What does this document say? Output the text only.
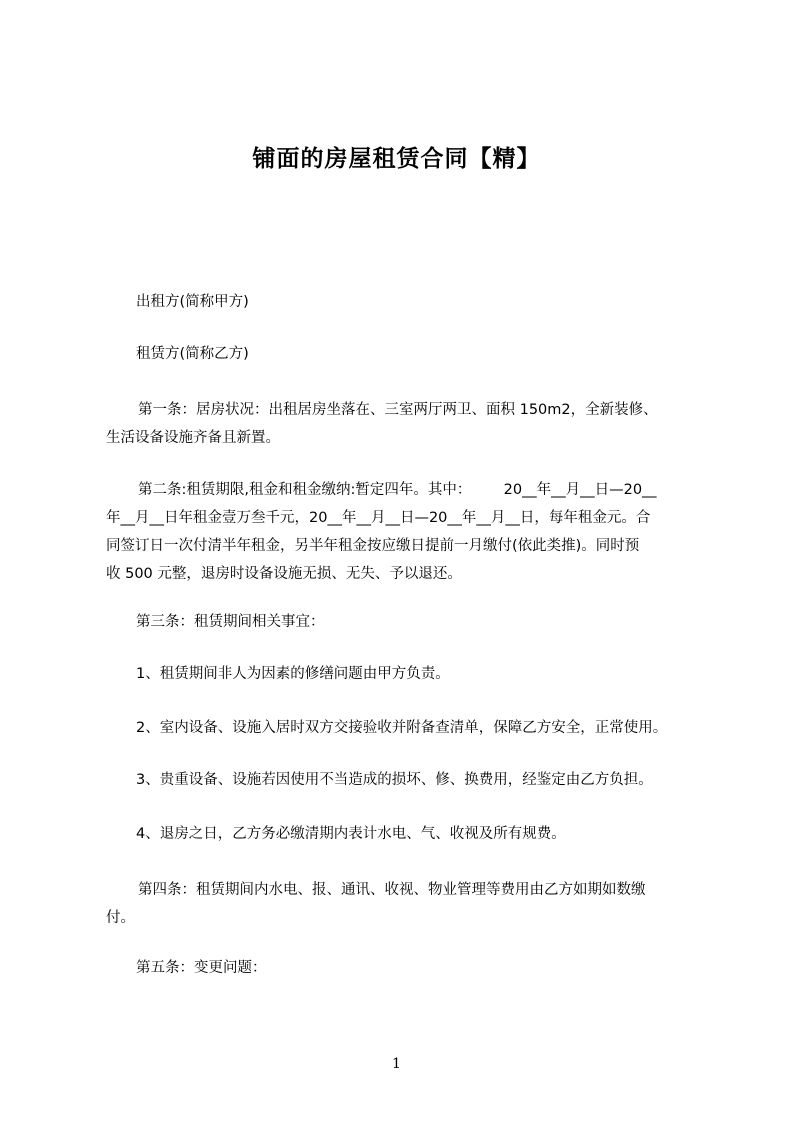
铺面的房屋租赁合同【精】
出租方(简称甲方)
租赁方(简称乙方)
第一条：居房状况：出租居房坐落在、三室两厅两卫、面积 150m2，全新装修、
生活设备设施齐备且新置。
第二条:租赁期限,租金和租金缴纳:暂定四年。其中：       20__年__月__日—20__
年__月__日年租金壹万叁千元，20__年__月__日—20__年__月__日，每年租金元。合
同签订日一次付清半年租金，另半年租金按应缴日提前一月缴付(依此类推)。同时预
收 500 元整，退房时设备设施无损、无失、予以退还。
第三条：租赁期间相关事宜：
1、租赁期间非人为因素的修缮问题由甲方负责。
2、室内设备、设施入居时双方交接验收并附备查清单，保障乙方安全，正常使用。
3、贵重设备、设施若因使用不当造成的损坏、修、换费用，经鉴定由乙方负担。
4、退房之日，乙方务必缴清期内表计水电、气、收视及所有规费。
第四条：租赁期间内水电、报、通讯、收视、物业管理等费用由乙方如期如数缴
付。
第五条：变更问题：
1
